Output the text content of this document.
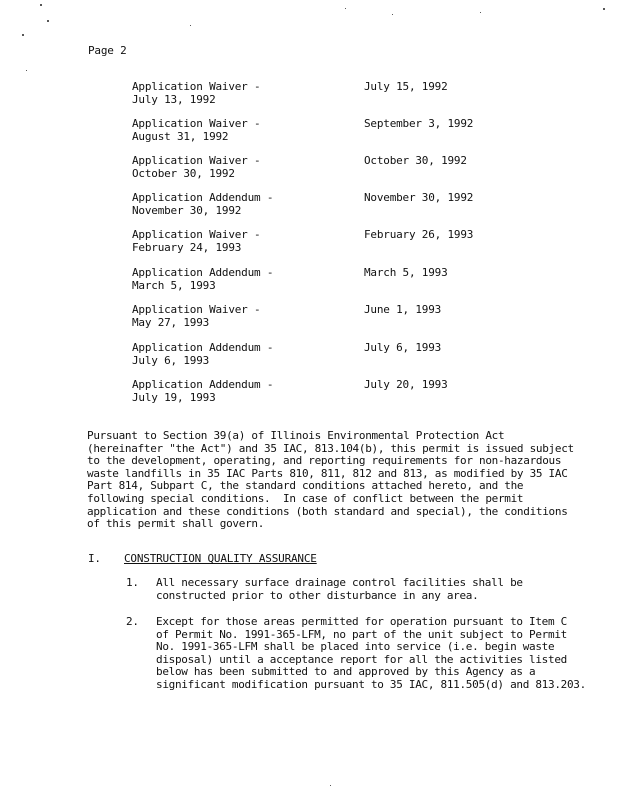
Page 2
Application Waiver -
July 13, 1992
July 15, 1992
Application Waiver -
August 31, 1992
September 3, 1992
Application Waiver -
October 30, 1992
October 30, 1992
Application Addendum -
November 30, 1992
November 30, 1992
Application Waiver -
February 24, 1993
February 26, 1993
Application Addendum -
March 5, 1993
March 5, 1993
Application Waiver -
May 27, 1993
June 1, 1993
Application Addendum -
July 6, 1993
July 6, 1993
Application Addendum -
July 19, 1993
July 20, 1993
Pursuant to Section 39(a) of Illinois Environmental Protection Act
(hereinafter "the Act") and 35 IAC, 813.104(b), this permit is issued subject
to the development, operating, and reporting requirements for non-hazardous
waste landfills in 35 IAC Parts 810, 811, 812 and 813, as modified by 35 IAC
Part 814, Subpart C, the standard conditions attached hereto, and the
following special conditions.  In case of conflict between the permit
application and these conditions (both standard and special), the conditions
of this permit shall govern.
I. CONSTRUCTION QUALITY ASSURANCE
1. All necessary surface drainage control facilities shall be
constructed prior to other disturbance in any area.
2. Except for those areas permitted for operation pursuant to Item C
of Permit No. 1991-365-LFM, no part of the unit subject to Permit
No. 1991-365-LFM shall be placed into service (i.e. begin waste
disposal) until a acceptance report for all the activities listed
below has been submitted to and approved by this Agency as a
significant modification pursuant to 35 IAC, 811.505(d) and 813.203.
